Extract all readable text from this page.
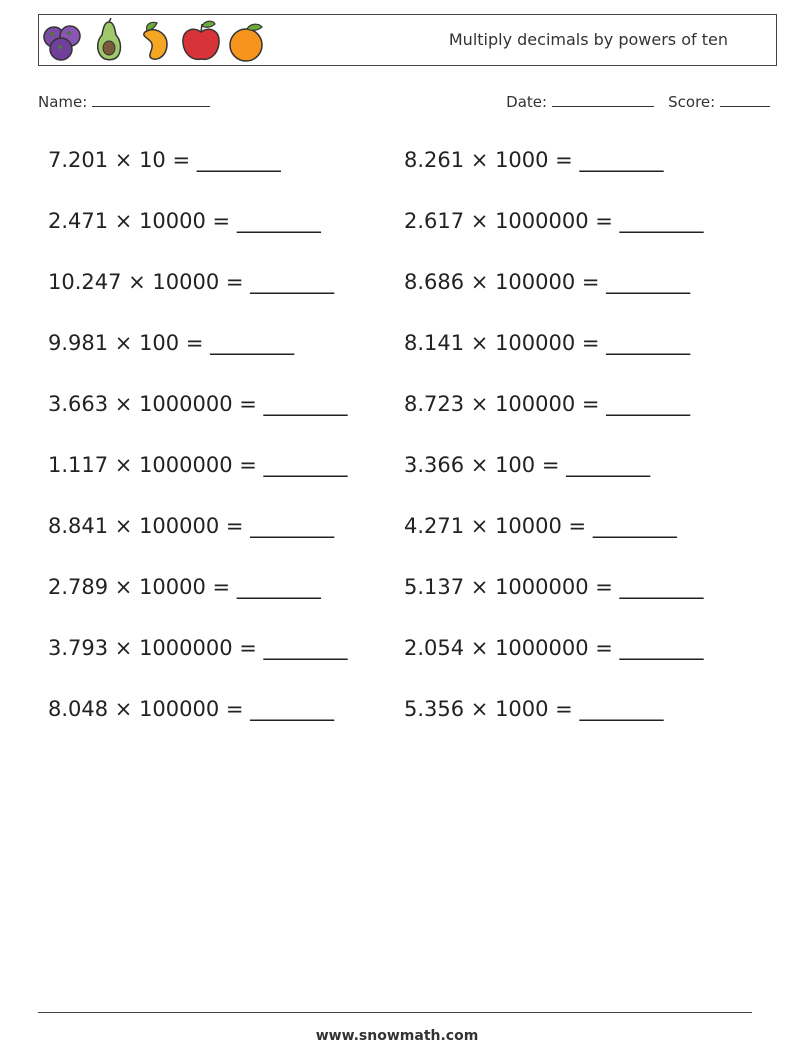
Multiply decimals by powers of ten
Name:	Date:	Score:
7.201 × 10 = ________
2.471 × 10000 = ________
10.247 × 10000 = ________
9.981 × 100 = ________
3.663 × 1000000 = ________
1.117 × 1000000 = ________
8.841 × 100000 = ________
2.789 × 10000 = ________
3.793 × 1000000 = ________
8.048 × 100000 = ________
8.261 × 1000 = ________
2.617 × 1000000 = ________
8.686 × 100000 = ________
8.141 × 100000 = ________
8.723 × 100000 = ________
3.366 × 100 = ________
4.271 × 10000 = ________
5.137 × 1000000 = ________
2.054 × 1000000 = ________
5.356 × 1000 = ________
www.snowmath.com
